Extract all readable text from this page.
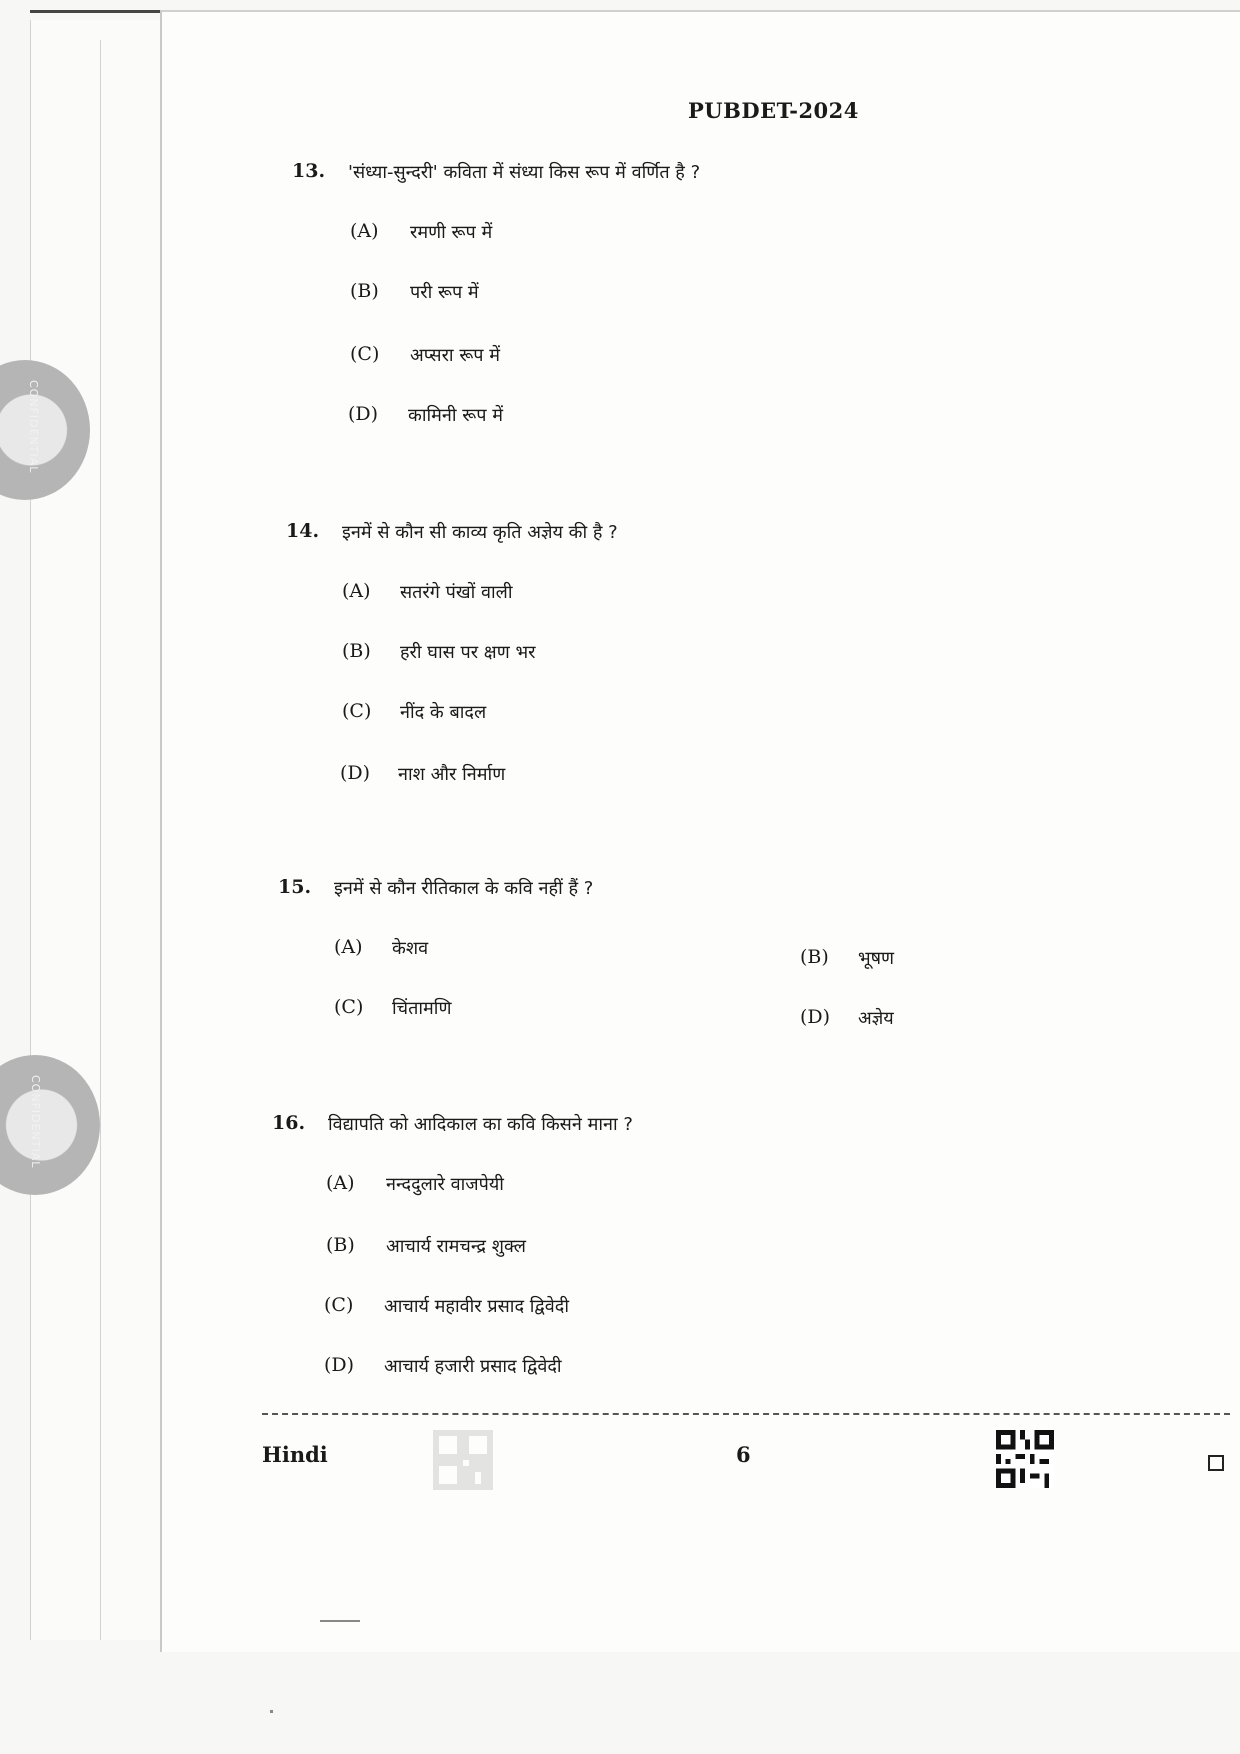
CONFIDENTIAL
CONFIDENTIAL

PUBDET-2024
13. 'संध्या-सुन्दरी' कविता में संध्या किस रूप में वर्णित है ?
(A) रमणी रूप में
(B) परी रूप में
(C) अप्सरा रूप में
(D) कामिनी रूप में
14. इनमें से कौन सी काव्य कृति अज्ञेय की है ?
(A) सतरंगे पंखों वाली
(B) हरी घास पर क्षण भर
(C) नींद के बादल
(D) नाश और निर्माण
15. इनमें से कौन रीतिकाल के कवि नहीं हैं ?
(A) केशव	(B) भूषण
(C) चिंतामणि	(D) अज्ञेय
16. विद्यापति को आदिकाल का कवि किसने माना ?
(A) नन्ददुलारे वाजपेयी
(B) आचार्य रामचन्द्र शुक्ल
(C) आचार्य महावीर प्रसाद द्विवेदी
(D) आचार्य हजारी प्रसाद द्विवेदी
Hindi	6
